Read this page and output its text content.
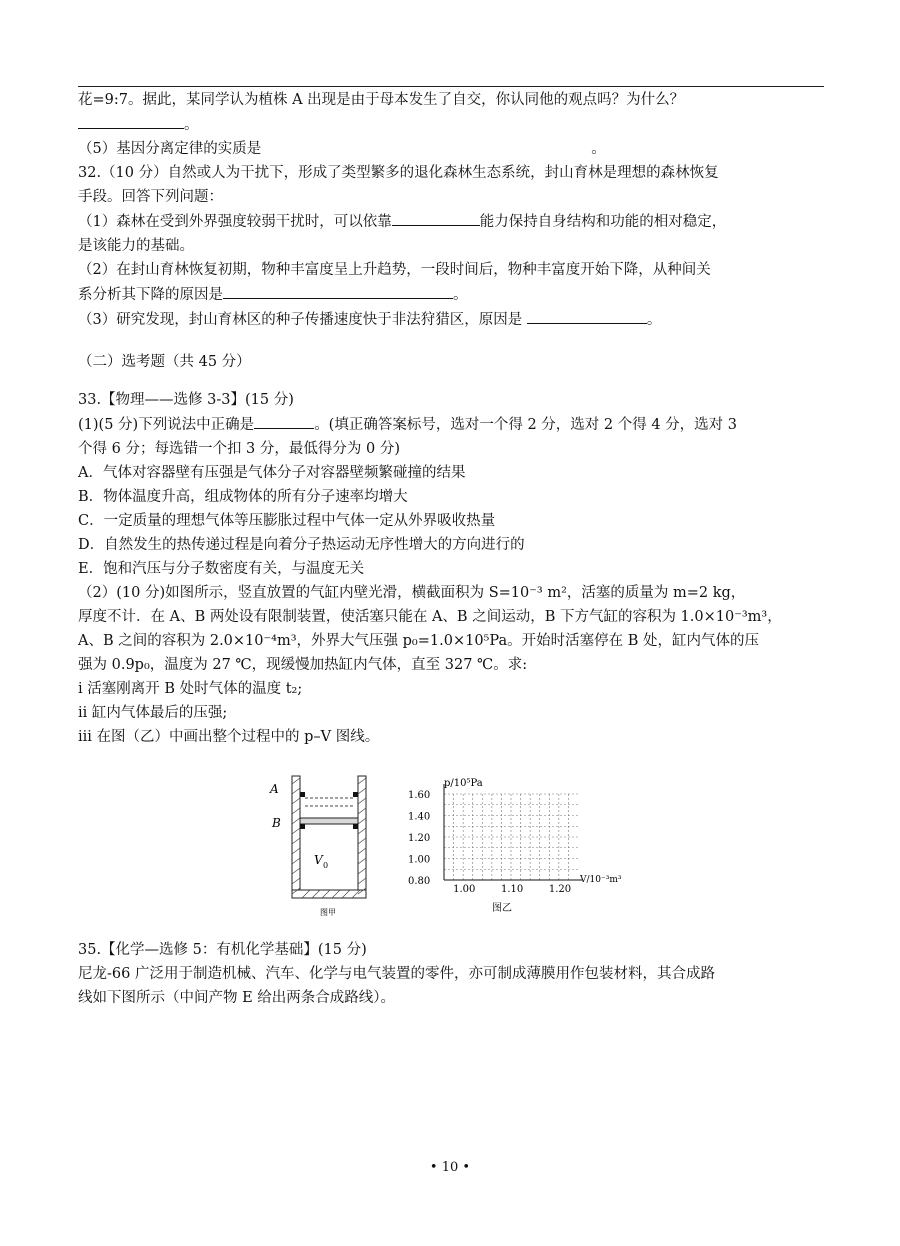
花=9:7。据此，某同学认为植株 A 出现是由于母本发生了自交，你认同他的观点吗？为什么？
。
（5）基因分离定律的实质是	。
32.（10 分）自然或人为干扰下，形成了类型繁多的退化森林生态系统，封山育林是理想的森林恢复
手段。回答下列问题：
（1）森林在受到外界强度较弱干扰时，可以依靠	能力保持自身结构和功能的相对稳定，
是该能力的基础。
（2）在封山育林恢复初期，物种丰富度呈上升趋势，一段时间后，物种丰富度开始下降，从种间关
系分析其下降的原因是	。
（3）研究发现，封山育林区的种子传播速度快于非法狩猎区，原因是	。
（二）选考题（共 45 分）
33.【物理——选修 3-3】(15 分)
(1)(5 分)下列说法中正确是	。(填正确答案标号，选对一个得 2 分，选对 2 个得 4 分，选对 3
个得 6 分；每选错一个扣 3 分，最低得分为 0 分)
A．气体对容器壁有压强是气体分子对容器壁频繁碰撞的结果
B．物体温度升高，组成物体的所有分子速率均增大
C．一定质量的理想气体等压膨胀过程中气体一定从外界吸收热量
D．自然发生的热传递过程是向着分子热运动无序性增大的方向进行的
E．饱和汽压与分子数密度有关，与温度无关
（2）(10 分)如图所示，竖直放置的气缸内壁光滑，横截面积为 S=10⁻³ m²，活塞的质量为 m=2 kg，
厚度不计．在 A、B 两处设有限制装置，使活塞只能在 A、B 之间运动，B 下方气缸的容积为 1.0×10⁻³m³，
A、B 之间的容积为 2.0×10⁻⁴m³，外界大气压强 p₀=1.0×10⁵Pa。开始时活塞停在 B 处，缸内气体的压
强为 0.9p₀，温度为 27 ℃，现缓慢加热缸内气体，直至 327 ℃。求:
i 活塞刚离开 B 处时气体的温度 t₂;
ii 缸内气体最后的压强;
iii 在图（乙）中画出整个过程中的 p–V 图线。
A
B
V 0
图甲
1.60
1.40
1.20
1.00
0.80
1.00	1.10	1.20
p/10⁵Pa
V/10⁻³m³
图乙
35.【化学—选修 5：有机化学基础】(15 分)
尼龙-66 广泛用于制造机械、汽车、化学与电气装置的零件，亦可制成薄膜用作包装材料，其合成路
线如下图所示（中间产物 E 给出两条合成路线）。
• 10 •
